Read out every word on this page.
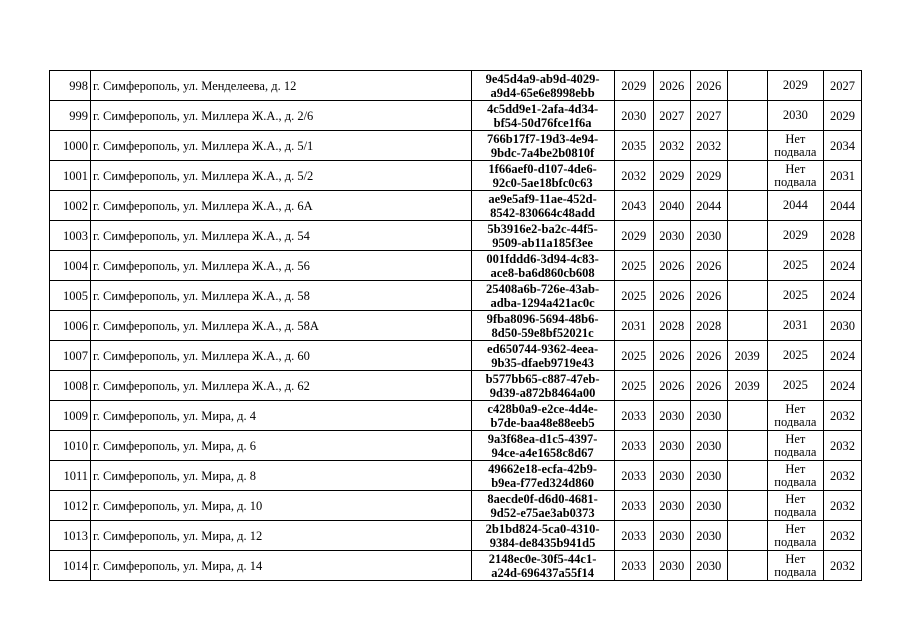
998	г. Симферополь, ул. Менделеева, д. 12	9e45d4a9-ab9d-4029-
a9d4-65e6e8998ebb	2029	2026	2026		2029	2027
999	г. Симферополь, ул. Миллера Ж.А., д. 2/6	4c5dd9e1-2afa-4d34-
bf54-50d76fce1f6a	2030	2027	2027		2030	2029
1000	г. Симферополь, ул. Миллера Ж.А., д. 5/1	766b17f7-19d3-4e94-
9bdc-7a4be2b0810f	2035	2032	2032		Нет
подвала	2034
1001	г. Симферополь, ул. Миллера Ж.А., д. 5/2	1f66aef0-d107-4de6-
92c0-5ae18bfc0c63	2032	2029	2029		Нет
подвала	2031
1002	г. Симферополь, ул. Миллера Ж.А., д. 6А	ae9e5af9-11ae-452d-
8542-830664c48add	2043	2040	2044		2044	2044
1003	г. Симферополь, ул. Миллера Ж.А., д. 54	5b3916e2-ba2c-44f5-
9509-ab11a185f3ee	2029	2030	2030		2029	2028
1004	г. Симферополь, ул. Миллера Ж.А., д. 56	001fddd6-3d94-4c83-
ace8-ba6d860cb608	2025	2026	2026		2025	2024
1005	г. Симферополь, ул. Миллера Ж.А., д. 58	25408a6b-726e-43ab-
adba-1294a421ac0c	2025	2026	2026		2025	2024
1006	г. Симферополь, ул. Миллера Ж.А., д. 58А	9fba8096-5694-48b6-
8d50-59e8bf52021c	2031	2028	2028		2031	2030
1007	г. Симферополь, ул. Миллера Ж.А., д. 60	ed650744-9362-4eea-
9b35-dfaeb9719e43	2025	2026	2026	2039	2025	2024
1008	г. Симферополь, ул. Миллера Ж.А., д. 62	b577bb65-c887-47eb-
9d39-a872b8464a00	2025	2026	2026	2039	2025	2024
1009	г. Симферополь, ул. Мира, д. 4	c428b0a9-e2ce-4d4e-
b7de-baa48e88eeb5	2033	2030	2030		Нет
подвала	2032
1010	г. Симферополь, ул. Мира, д. 6	9a3f68ea-d1c5-4397-
94ce-a4e1658c8d67	2033	2030	2030		Нет
подвала	2032
1011	г. Симферополь, ул. Мира, д. 8	49662e18-ecfa-42b9-
b9ea-f77ed324d860	2033	2030	2030		Нет
подвала	2032
1012	г. Симферополь, ул. Мира, д. 10	8aecde0f-d6d0-4681-
9d52-e75ae3ab0373	2033	2030	2030		Нет
подвала	2032
1013	г. Симферополь, ул. Мира, д. 12	2b1bd824-5ca0-4310-
9384-de8435b941d5	2033	2030	2030		Нет
подвала	2032
1014	г. Симферополь, ул. Мира, д. 14	2148ec0e-30f5-44c1-
a24d-696437a55f14	2033	2030	2030		Нет
подвала	2032
